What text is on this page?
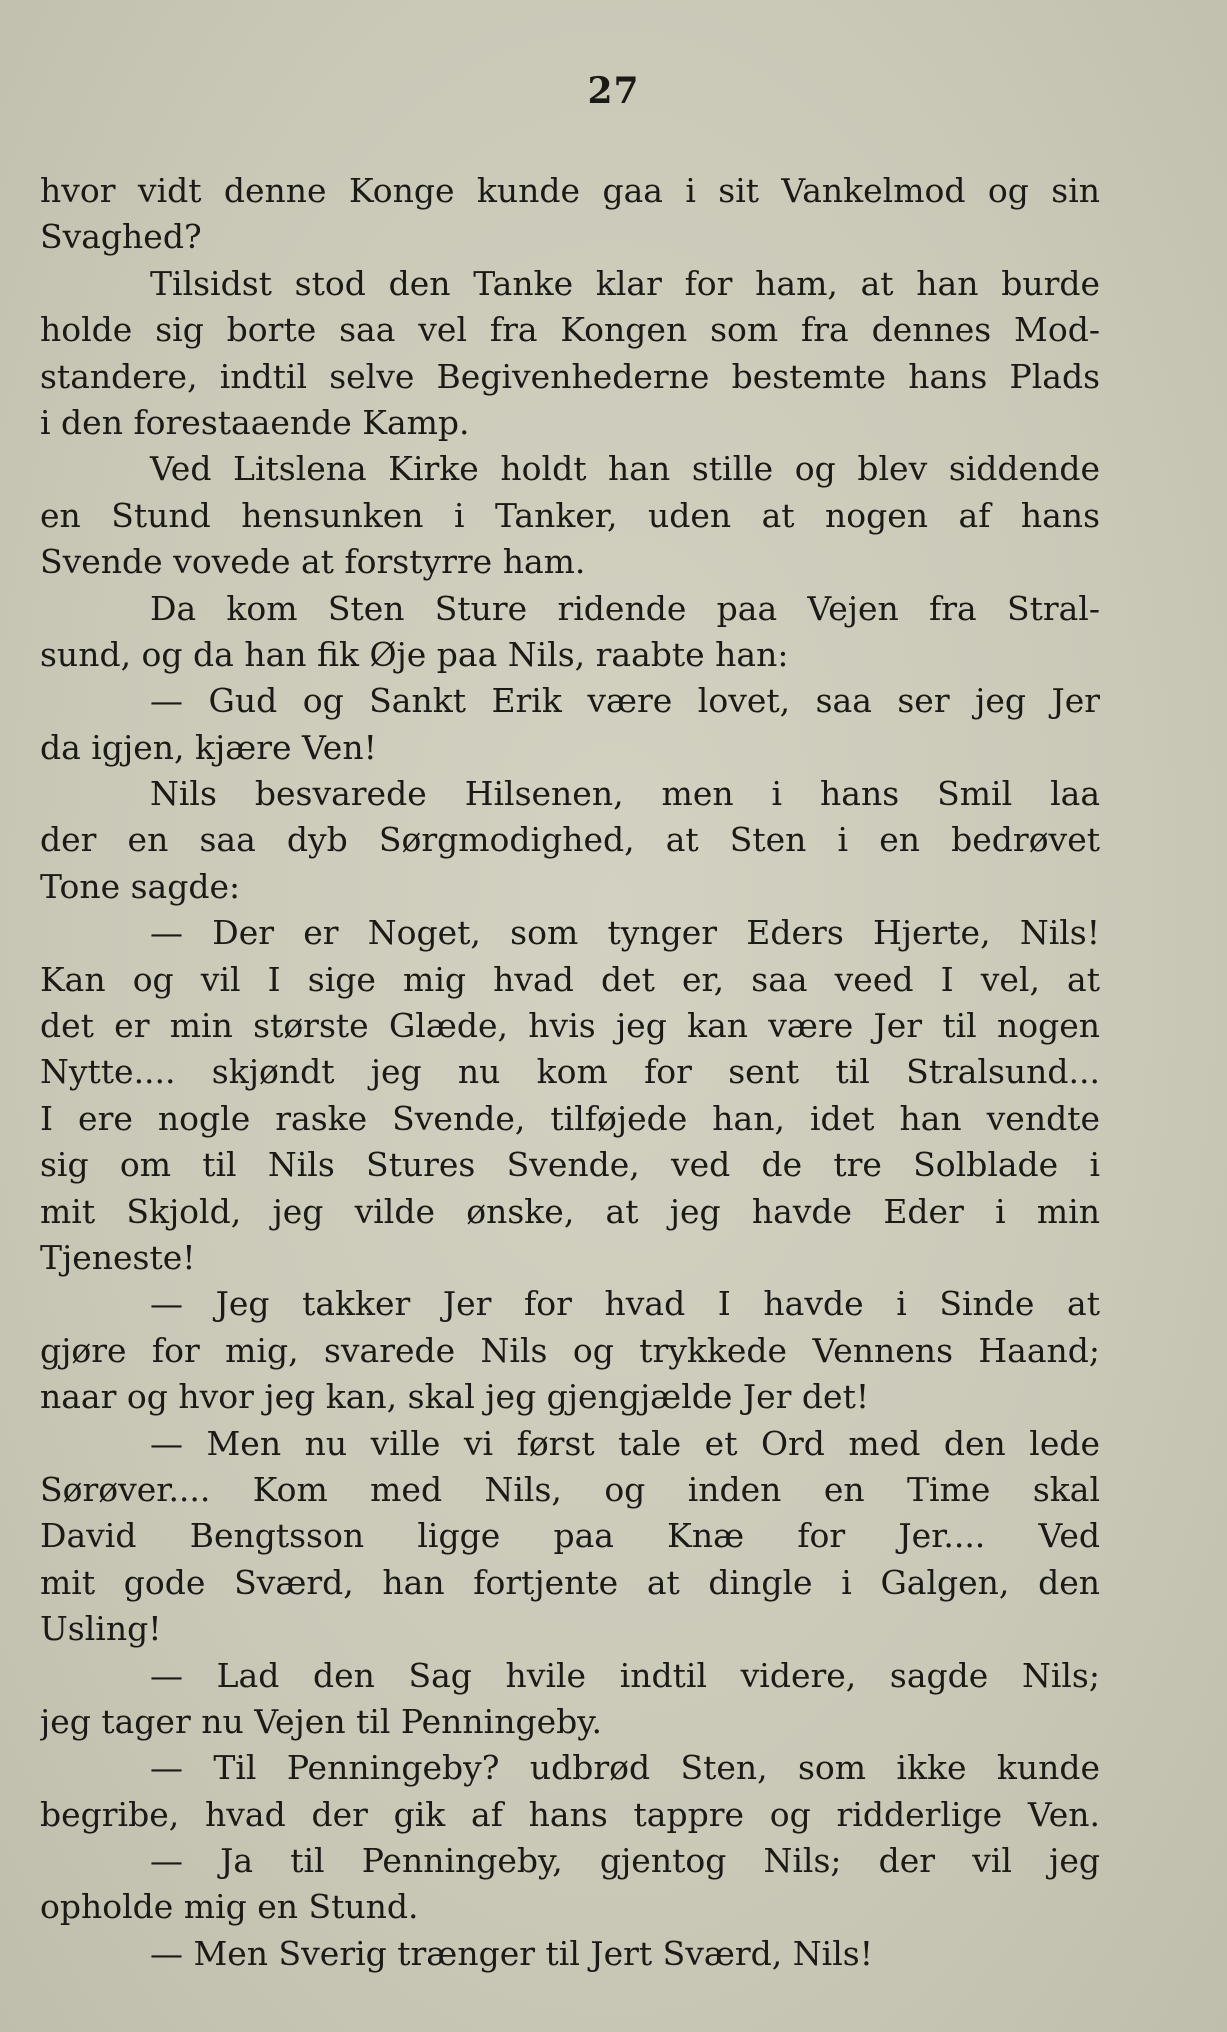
27
hvor vidt denne Konge kunde gaa i sit Vankelmod og sin
Svaghed?
Tilsidst stod den Tanke klar for ham, at han burde
holde sig borte saa vel fra Kongen som fra dennes Mod-
standere, indtil selve Begivenhederne bestemte hans Plads
i den forestaaende Kamp.
Ved Litslena Kirke holdt han stille og blev siddende
en Stund hensunken i Tanker, uden at nogen af hans
Svende vovede at forstyrre ham.
Da kom Sten Sture ridende paa Vejen fra Stral-
sund, og da han fik Øje paa Nils, raabte han:
— Gud og Sankt Erik være lovet, saa ser jeg Jer
da igjen, kjære Ven!
Nils besvarede Hilsenen, men i hans Smil laa
der en saa dyb Sørgmodighed, at Sten i en bedrøvet
Tone sagde:
— Der er Noget, som tynger Eders Hjerte, Nils!
Kan og vil I sige mig hvad det er, saa veed I vel, at
det er min største Glæde, hvis jeg kan være Jer til nogen
Nytte.... skjøndt jeg nu kom for sent til Stralsund...
I ere nogle raske Svende, tilføjede han, idet han vendte
sig om til Nils Stures Svende, ved de tre Solblade i
mit Skjold, jeg vilde ønske, at jeg havde Eder i min
Tjeneste!
— Jeg takker Jer for hvad I havde i Sinde at
gjøre for mig, svarede Nils og trykkede Vennens Haand;
naar og hvor jeg kan, skal jeg gjengjælde Jer det!
— Men nu ville vi først tale et Ord med den lede
Sørøver.... Kom med Nils, og inden en Time skal
David Bengtsson ligge paa Knæ for Jer.... Ved
mit gode Sværd, han fortjente at dingle i Galgen, den
Usling!
— Lad den Sag hvile indtil videre, sagde Nils;
jeg tager nu Vejen til Penningeby.
— Til Penningeby? udbrød Sten, som ikke kunde
begribe, hvad der gik af hans tappre og ridderlige Ven.
— Ja til Penningeby, gjentog Nils; der vil jeg
opholde mig en Stund.
— Men Sverig trænger til Jert Sværd, Nils!
